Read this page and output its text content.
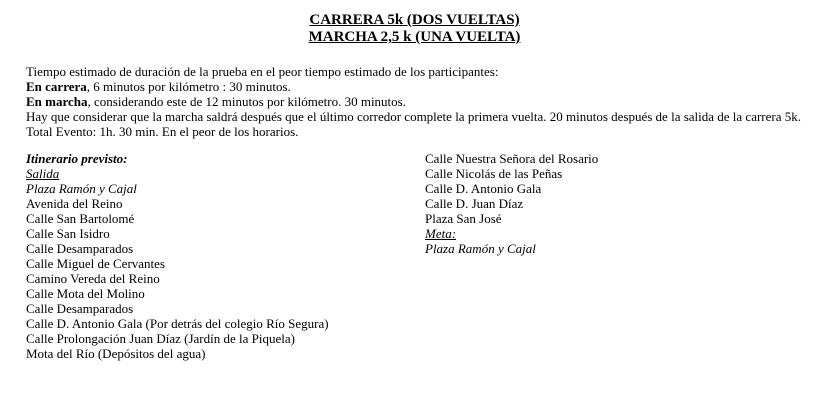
CARRERA 5k (DOS VUELTAS)
MARCHA 2,5 k (UNA VUELTA)

Tiempo estimado de duración de la prueba en el peor tiempo estimado de los participantes:

En carrera, 6 minutos por kilómetro : 30 minutos.

En marcha, considerando este de 12 minutos por kilómetro. 30 minutos.

Hay que considerar que la marcha saldrá después que el último corredor complete la primera vuelta. 20 minutos después de la salida de la carrera 5k.

Total Evento: 1h. 30 min. En el peor de los horarios.

Itinerario previsto:
Salida
Plaza Ramón y Cajal
Avenida del Reino
Calle San Bartolomé
Calle San Isidro
Calle Desamparados
Calle Miguel de Cervantes
Camino Vereda del Reino
Calle Mota del Molino
Calle Desamparados
Calle D. Antonio Gala (Por detrás del colegio Río Segura)
Calle Prolongación Juan Díaz (Jardín de la Piquela)
Mota del Río (Depósitos del agua)
Calle Nuestra Señora del Rosario
Calle Nicolás de las Peñas
Calle D. Antonio Gala
Calle D. Juan Díaz
Plaza San José
Meta:
Plaza Ramón y Cajal
